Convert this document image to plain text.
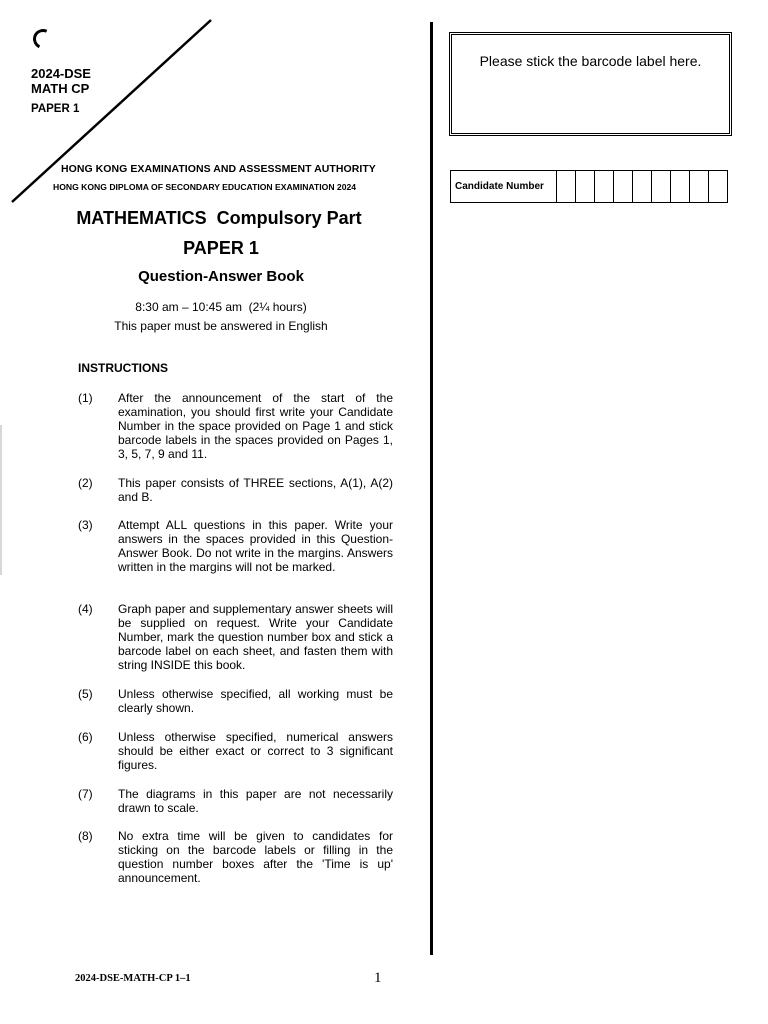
2024-DSE
MATH CP
PAPER 1
HONG KONG EXAMINATIONS AND ASSESSMENT AUTHORITY
HONG KONG DIPLOMA OF SECONDARY EDUCATION EXAMINATION 2024
MATHEMATICS  Compulsory Part
PAPER 1
Question-Answer Book
8:30 am – 10:45 am  (2¼ hours)
This paper must be answered in English
INSTRUCTIONS
(1) After the announcement of the start of the examination, you should first write your Candidate Number in the space provided on Page 1 and stick barcode labels in the spaces provided on Pages 1, 3, 5, 7, 9 and 11.
(2) This paper consists of THREE sections, A(1), A(2) and B.
(3) Attempt ALL questions in this paper. Write your answers in the spaces provided in this Question-Answer Book. Do not write in the margins. Answers written in the margins will not be marked.
(4) Graph paper and supplementary answer sheets will be supplied on request. Write your Candidate Number, mark the question number box and stick a barcode label on each sheet, and fasten them with string INSIDE this book.
(5) Unless otherwise specified, all working must be clearly shown.
(6) Unless otherwise specified, numerical answers should be either exact or correct to 3 significant figures.
(7) The diagrams in this paper are not necessarily drawn to scale.
(8) No extra time will be given to candidates for sticking on the barcode labels or filling in the question number boxes after the 'Time is up' announcement.
Please stick the barcode label here.
Candidate Number
2024-DSE-MATH-CP 1–1	1
